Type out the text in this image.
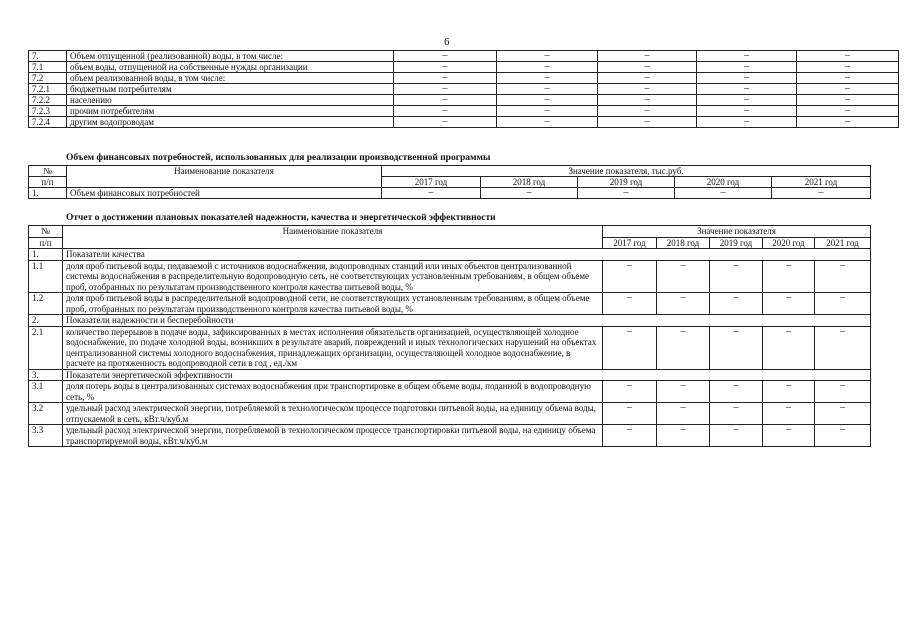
6
7.	Объем отпущенной (реализованной) воды, в том числе:	–	–	–	–	–
7.1	объем воды, отпущенной на собственные нужды организации	–	–	–	–	–
7.2	объем реализованной воды, в том числе:	–	–	–	–	–
7.2.1	бюджетным потребителям	–	–	–	–	–
7.2.2	населению	–	–	–	–	–
7.2.3	прочим потребителям	–	–	–	–	–
7.2.4	другим водопроводам	–	–	–	–	–
Объем финансовых потребностей, использованных для реализации производственной программы
№	Наименование показателя	Значение показателя, тыс.руб.				
п/п		2017 год	2018 год	2019 год	2020 год	2021 год
1.	Объем финансовых потребностей	–	–	–	–	–
Отчет о достижении плановых показателей надежности, качества и энергетической эффективности
№	Наименование показателя	Значение показателя				
п/п		2017 год	2018 год	2019 год	2020 год	2021 год
1.	Показатели качества					
1.1	доля проб питьевой воды, подаваемой с источников водоснабжения, водопроводных станций или иных объектов централизованной системы водоснабжения в распределительную водопроводную сеть, не соответствующих установленным требованиям, в общем объеме проб, отобранных по результатам производственного контроля качества питьевой воды, %	–	–	–	–	–
1.2	доля проб питьевой воды в распределительной водопроводной сети, не соответствующих установленным требованиям, в общем объеме проб, отобранных по результатам производственного контроля качества питьевой воды, %	–	–	–	–	–
2.	Показатели надежности и бесперебойности					
2.1	количество перерывов в подаче воды, зафиксированных в местах исполнения обязательств организацией, осуществляющей холодное водоснабжение, по подаче холодной воды, возникших в результате аварий, повреждений и иных технологических нарушений на объектах централизованной системы холодного водоснабжения, принадлежащих организации, осуществляющей холодное водоснабжение, в расчете на протяженность водопроводной сети в год , ед./км	–	–	–	–	–
3.	Показатели энергетической эффективности					
3.1	доля потерь воды в централизованных системах водоснабжения при транспортировке в общем объеме воды, поданной в водопроводную сеть, %	–	–	–	–	–
3.2	удельный расход электрической энергии, потребляемой в технологическом процессе подготовки питьевой воды, на единицу объема воды, отпускаемой в сеть, кВт.ч/куб.м	–	–	–	–	–
3.3	удельный расход электрической энергии, потребляемой в технологическом процессе транспортировки питьевой воды, на единицу объема транспортируемой воды, кВт.ч/куб.м	–	–	–	–	–
